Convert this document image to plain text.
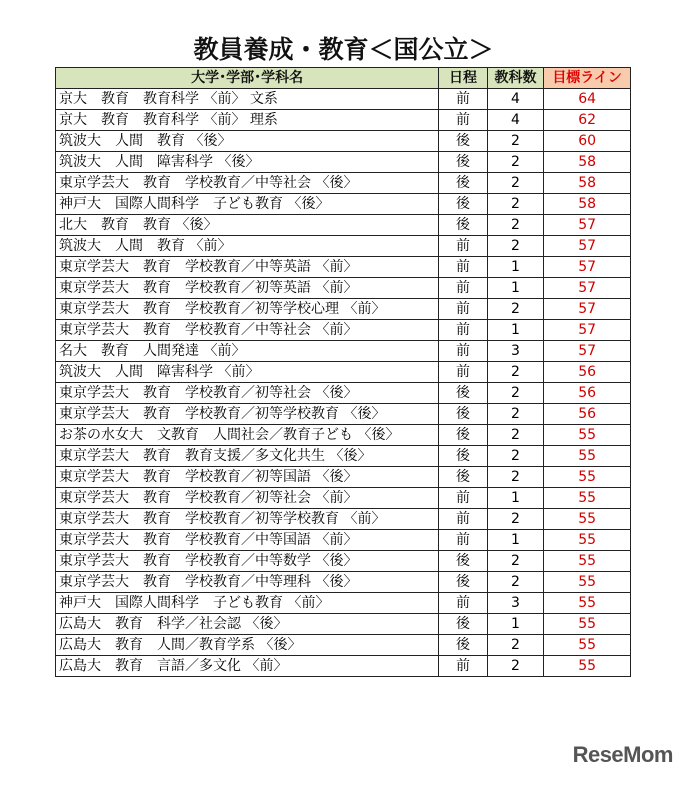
教員養成・教育＜国公立＞
大学･学部･学科名	日程	教科数	目標ライン
京大　教育　教育科学 〈前〉 文系	前	4	64
京大　教育　教育科学 〈前〉 理系	前	4	62
筑波大　人間　教育 〈後〉	後	2	60
筑波大　人間　障害科学 〈後〉	後	2	58
東京学芸大　教育　学校教育／中等社会 〈後〉	後	2	58
神戸大　国際人間科学　子ども教育 〈後〉	後	2	58
北大　教育　教育 〈後〉	後	2	57
筑波大　人間　教育 〈前〉	前	2	57
東京学芸大　教育　学校教育／中等英語 〈前〉	前	1	57
東京学芸大　教育　学校教育／初等英語 〈前〉	前	1	57
東京学芸大　教育　学校教育／初等学校心理 〈前〉	前	2	57
東京学芸大　教育　学校教育／中等社会 〈前〉	前	1	57
名大　教育　人間発達 〈前〉	前	3	57
筑波大　人間　障害科学 〈前〉	前	2	56
東京学芸大　教育　学校教育／初等社会 〈後〉	後	2	56
東京学芸大　教育　学校教育／初等学校教育 〈後〉	後	2	56
お茶の水女大　文教育　人間社会／教育子ども 〈後〉	後	2	55
東京学芸大　教育　教育支援／多文化共生 〈後〉	後	2	55
東京学芸大　教育　学校教育／初等国語 〈後〉	後	2	55
東京学芸大　教育　学校教育／初等社会 〈前〉	前	1	55
東京学芸大　教育　学校教育／初等学校教育 〈前〉	前	2	55
東京学芸大　教育　学校教育／中等国語 〈前〉	前	1	55
東京学芸大　教育　学校教育／中等数学 〈後〉	後	2	55
東京学芸大　教育　学校教育／中等理科 〈後〉	後	2	55
神戸大　国際人間科学　子ども教育 〈前〉	前	3	55
広島大　教育　科学／社会認 〈後〉	後	1	55
広島大　教育　人間／教育学系 〈後〉	後	2	55
広島大　教育　言語／多文化 〈前〉	前	2	55
ReseMom
